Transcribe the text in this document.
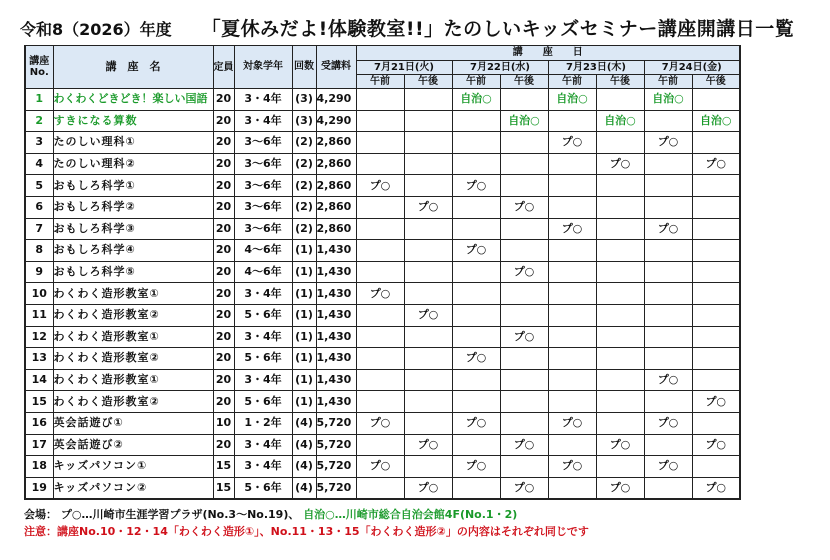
令和8（2026）年度 「夏休みだよ!体験教室!!」たのしいキッズセミナー講座開講日一覧
講座No.	講　座　名	定員	対象学年	回数	受講料	講　　座　　日							
						7月21日(火)		7月22日(水)		7月23日(木)		7月24日(金)	
						午前	午後	午前	午後	午前	午後	午前	午後
1	わくわくどきどき！楽しい国語	20	3・4年	(3)	4,290			自治○		自治○		自治○	
2	すきになる算数	20	3・4年	(3)	4,290				自治○		自治○		自治○
3	たのしい理科①	20	3～6年	(2)	2,860					プ○		プ○	
4	たのしい理科②	20	3～6年	(2)	2,860						プ○		プ○
5	おもしろ科学①	20	3～6年	(2)	2,860	プ○		プ○					
6	おもしろ科学②	20	3～6年	(2)	2,860		プ○		プ○				
7	おもしろ科学③	20	3～6年	(2)	2,860					プ○		プ○	
8	おもしろ科学④	20	4～6年	(1)	1,430			プ○					
9	おもしろ科学⑤	20	4～6年	(1)	1,430				プ○				
10	わくわく造形教室①	20	3・4年	(1)	1,430	プ○							
11	わくわく造形教室②	20	5・6年	(1)	1,430		プ○						
12	わくわく造形教室①	20	3・4年	(1)	1,430				プ○				
13	わくわく造形教室②	20	5・6年	(1)	1,430			プ○					
14	わくわく造形教室①	20	3・4年	(1)	1,430							プ○	
15	わくわく造形教室②	20	5・6年	(1)	1,430								プ○
16	英会話遊び①	10	1・2年	(4)	5,720	プ○		プ○		プ○		プ○	
17	英会話遊び②	20	3・4年	(4)	5,720		プ○		プ○		プ○		プ○
18	キッズパソコン①	15	3・4年	(4)	5,720	プ○		プ○		プ○		プ○	
19	キッズパソコン②	15	5・6年	(4)	5,720		プ○		プ○		プ○		プ○
会場： プ○…川崎市生涯学習プラザ(No.3～No.19)、 自治○…川崎市総合自治会館4F(No.1・2)
注意：講座No.10・12・14「わくわく造形①」、No.11・13・15「わくわく造形②」の内容はそれぞれ同じです
